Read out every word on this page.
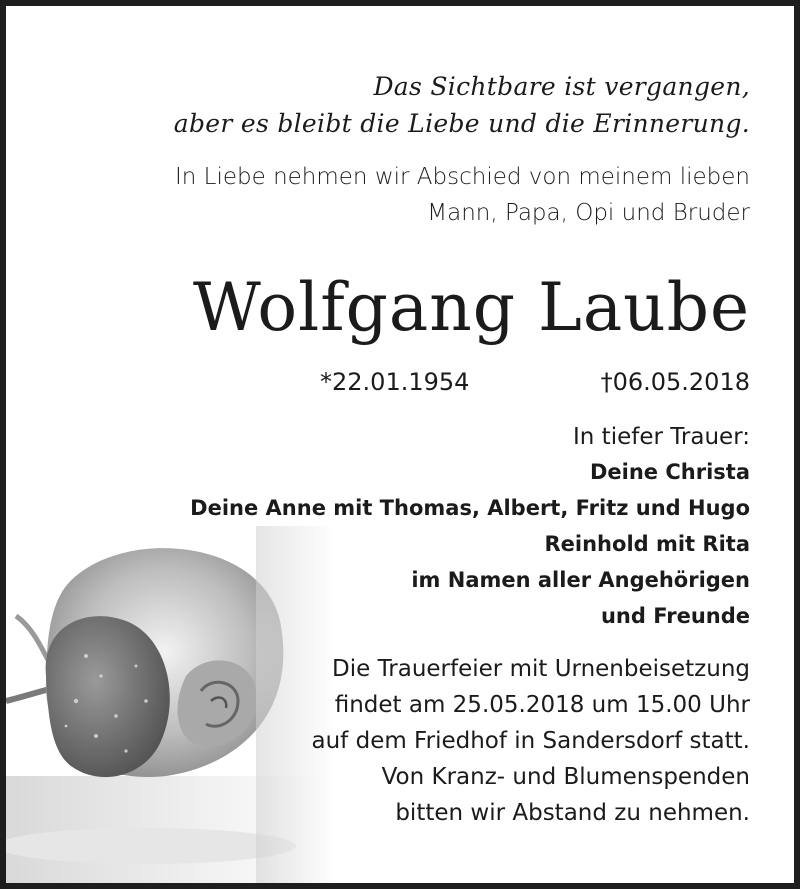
Das Sichtbare ist vergangen,
aber es bleibt die Liebe und die Erinnerung.
In Liebe nehmen wir Abschied von meinem lieben
Mann, Papa, Opi und Bruder
Wolfgang Laube
*22.01.1954	†06.05.2018
In tiefer Trauer:
Deine Christa
Deine Anne mit Thomas, Albert, Fritz und Hugo
Reinhold mit Rita
im Namen aller Angehörigen
und Freunde
Die Trauerfeier mit Urnenbeisetzung
findet am 25.05.2018 um 15.00 Uhr
auf dem Friedhof in Sandersdorf statt.
Von Kranz- und Blumenspenden
bitten wir Abstand zu nehmen.
